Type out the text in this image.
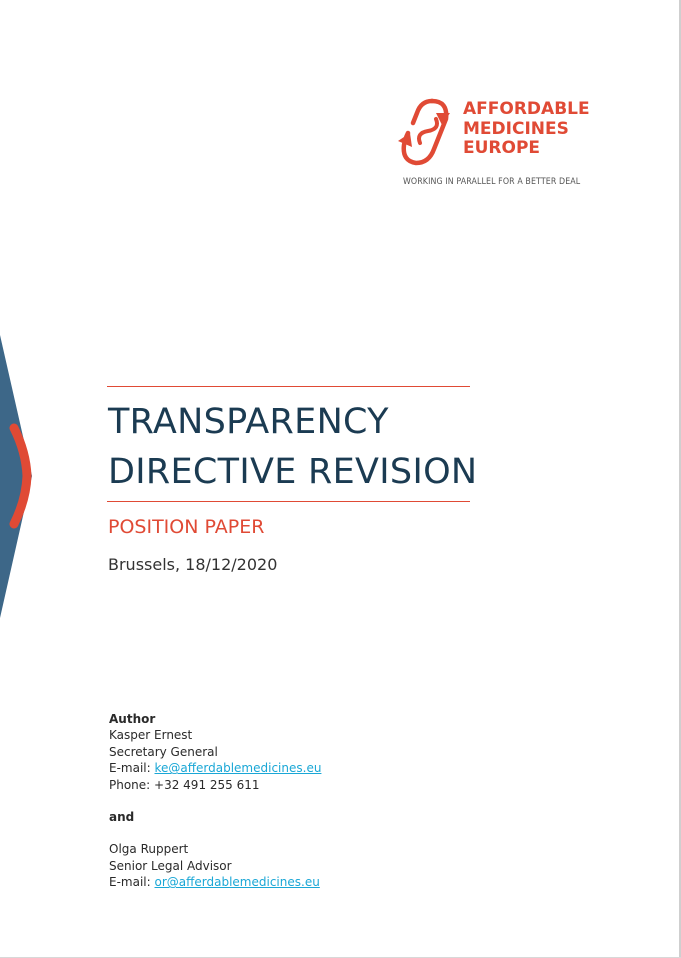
AFFORDABLE
MEDICINES
EUROPE
WORKING IN PARALLEL FOR A BETTER DEAL
TRANSPARENCY
DIRECTIVE REVISION
POSITION PAPER
Brussels, 18/12/2020
Author
Kasper Ernest
Secretary General
E-mail: ke@afferdablemedicines.eu
Phone: +32 491 255 611
and
Olga Ruppert
Senior Legal Advisor
E-mail: or@afferdablemedicines.eu
